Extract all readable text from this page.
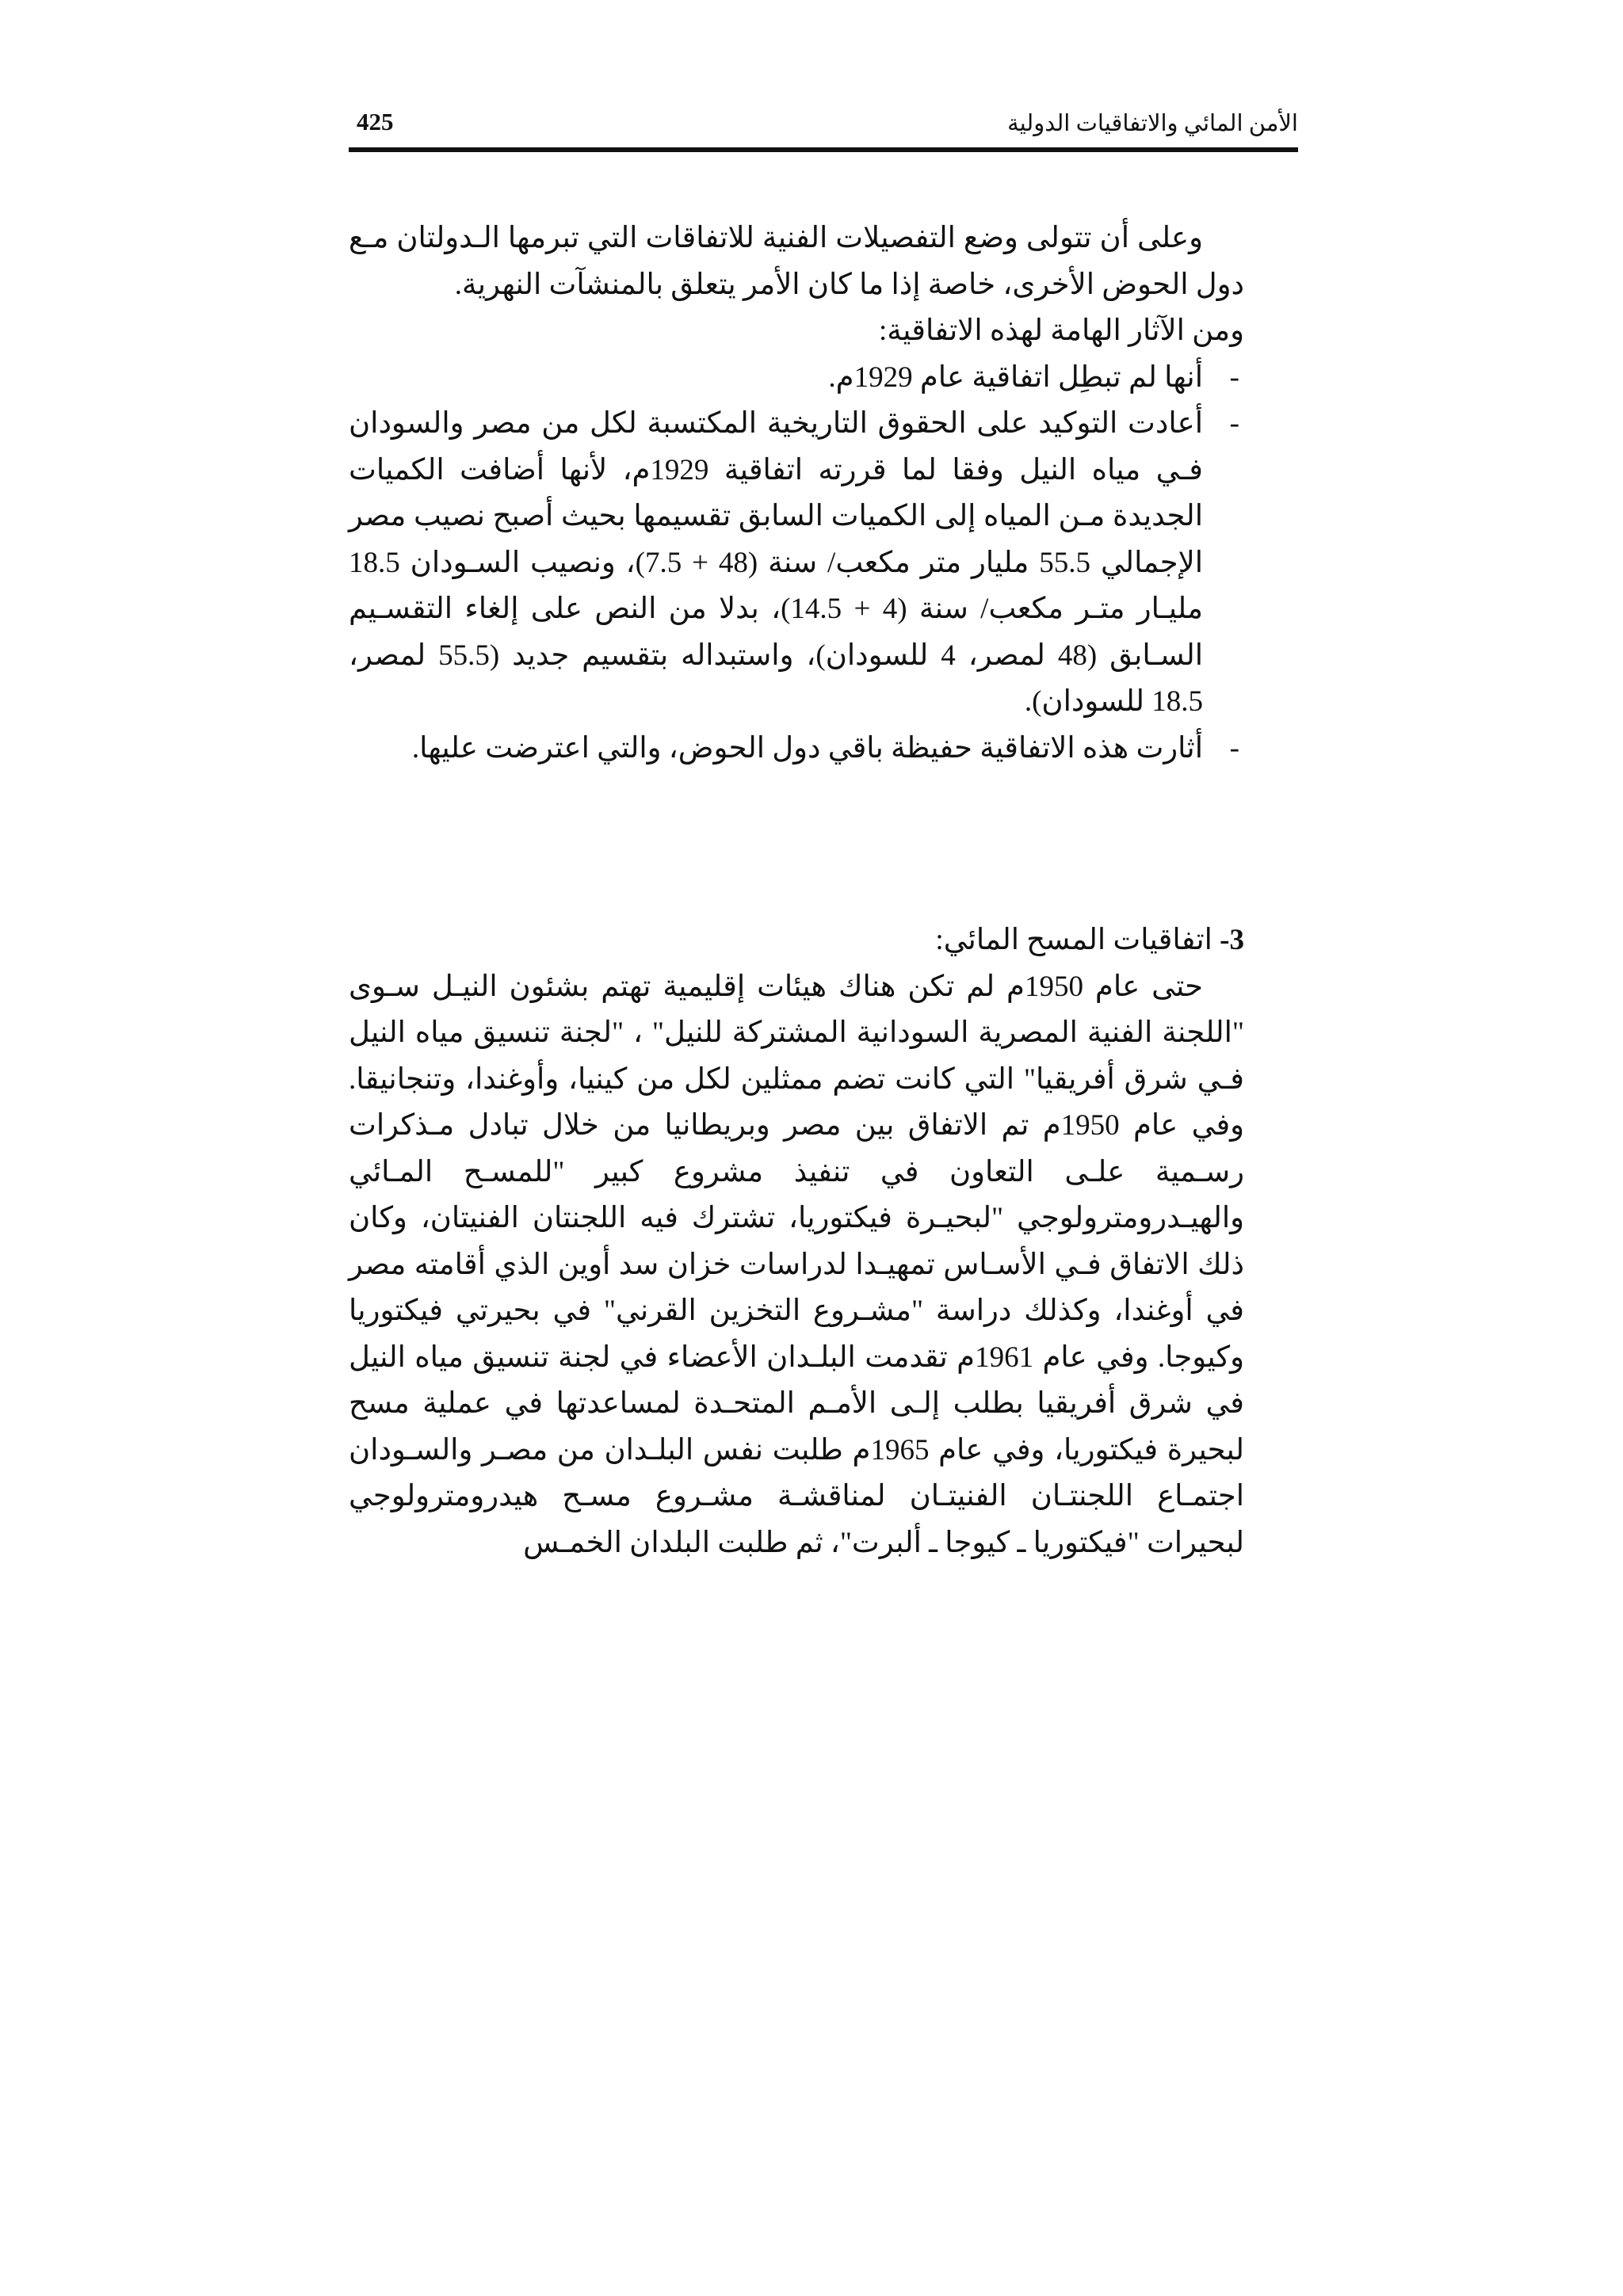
الأمن المائي والاتفاقيات الدولية
425

وعلى أن تتولى وضع التفصيلات الفنية للاتفاقات التي تبرمها الـدولتان مـع دول الحوض الأخرى، خاصة إذا ما كان الأمر يتعلق بالمنشآت النهرية.

ومن الآثار الهامة لهذه الاتفاقية:

-
أنها لم تبطِل اتفاقية عام 1929م.
-
أعادت التوكيد على الحقوق التاريخية المكتسبة لكل من مصر والسودان فـي مياه النيل وفقا لما قررته اتفاقية 1929م، لأنها أضافت الكميات الجديدة مـن المياه إلى الكميات السابق تقسيمها بحيث أصبح نصيب مصر الإجمالي 55.5 مليار متر مكعب/ سنة (48 + 7.5)، ونصيب السـودان 18.5 مليـار متـر مكعب/ سنة (4 + 14.5)، بدلا من النص على إلغاء التقسـيم السـابق (48 لمصر، 4 للسودان)، واستبداله بتقسيم جديد (55.5 لمصر، 18.5 للسودان).
-
أثارت هذه الاتفاقية حفيظة باقي دول الحوض، والتي اعترضت عليها.
3- اتفاقيات المسح المائي:

حتى عام 1950م لم تكن هناك هيئات إقليمية تهتم بشئون النيـل سـوى "اللجنة الفنية المصرية السودانية المشتركة للنيل" ، "لجنة تنسيق مياه النيل فـي شرق أفريقيا" التي كانت تضم ممثلين لكل من كينيا، وأوغندا، وتنجانيقا. وفي عام 1950م تم الاتفاق بين مصر وبريطانيا من خلال تبادل مـذكرات رسـمية علـى التعاون في تنفيذ مشروع كبير "للمسـح المـائي والهيـدرومترولوجي "لبحيـرة فيكتوريا، تشترك فيه اللجنتان الفنيتان، وكان ذلك الاتفاق فـي الأسـاس تمهيـدا لدراسات خزان سد أوين الذي أقامته مصر في أوغندا، وكذلك دراسة "مشـروع التخزين القرني" في بحيرتي فيكتوريا وكيوجا. وفي عام 1961م تقدمت البلـدان الأعضاء في لجنة تنسيق مياه النيل في شرق أفريقيا بطلب إلـى الأمـم المتحـدة لمساعدتها في عملية مسح لبحيرة فيكتوريا، وفي عام 1965م طلبت نفس البلـدان من مصـر والسـودان اجتمـاع اللجنتـان الفنيتـان لمناقشـة مشـروع مسـح هيدرومترولوجي لبحيرات "فيكتوريا ـ كيوجا ـ ألبرت"، ثم طلبت البلدان الخمـس
